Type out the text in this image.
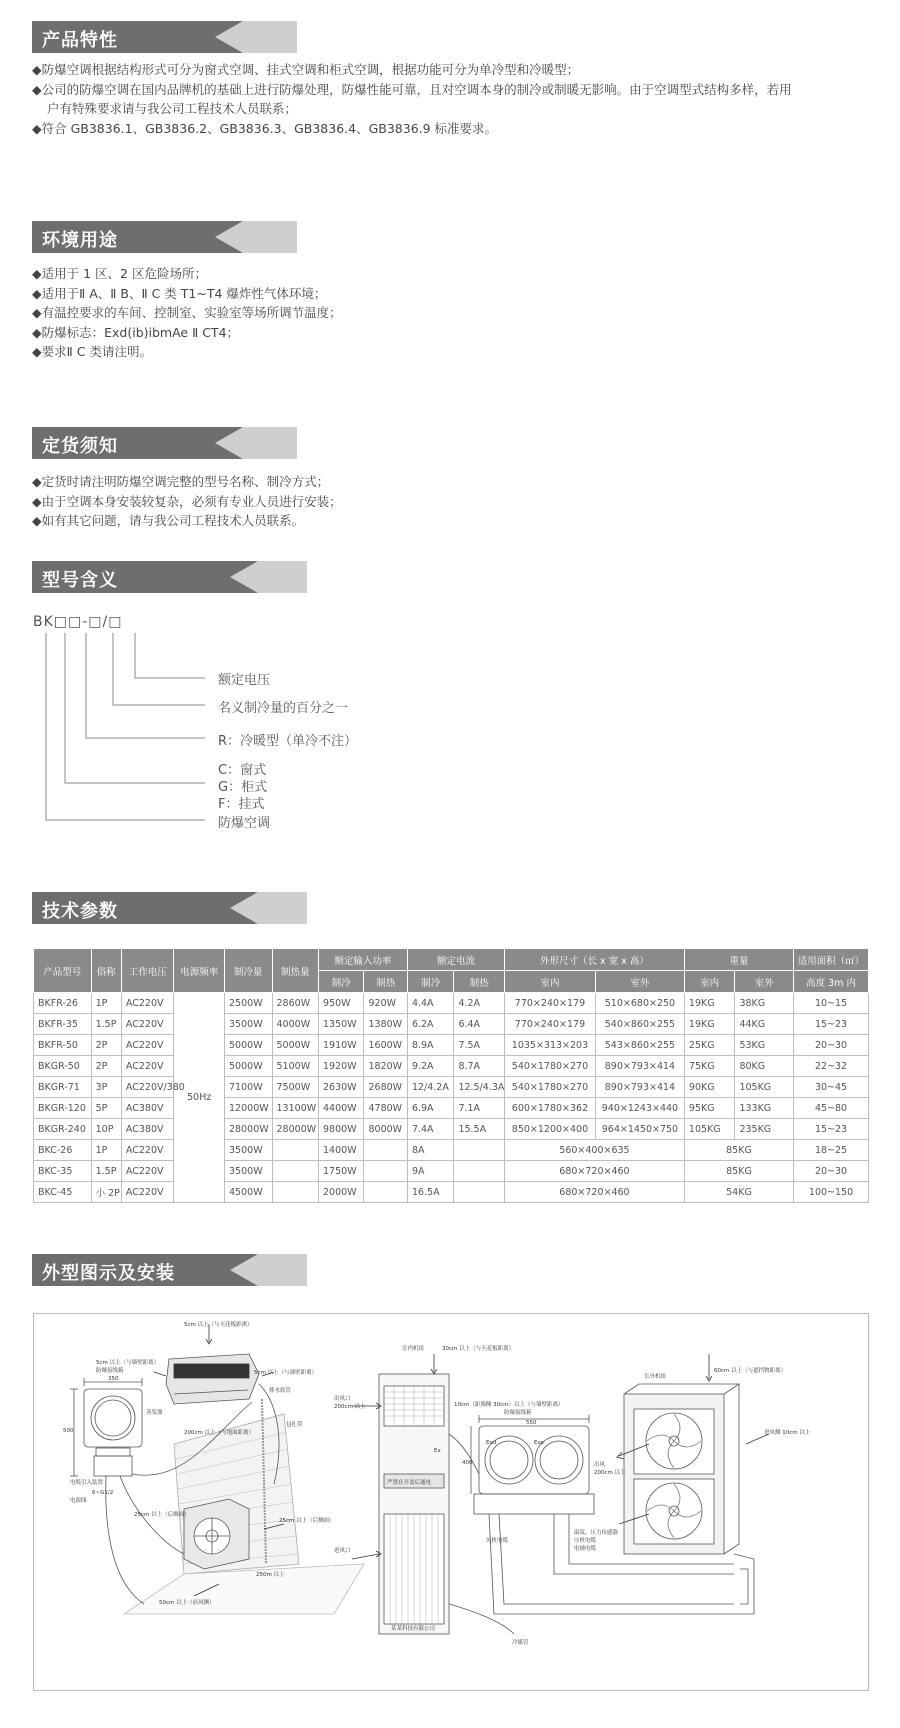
产品特性
◆防爆空调根据结构形式可分为窗式空调、挂式空调和柜式空调，根据功能可分为单冷型和冷暖型；
◆公司的防爆空调在国内品牌机的基础上进行防爆处理，防爆性能可靠，且对空调本身的制冷或制暖无影响。由于空调型式结构多样，若用
户有特殊要求请与我公司工程技术人员联系；
◆符合 GB3836.1、GB3836.2、GB3836.3、GB3836.4、GB3836.9 标准要求。
环境用途
◆适用于 1 区、2 区危险场所；
◆适用于Ⅱ A、Ⅱ B、Ⅱ C 类 T1~T4 爆炸性气体环境；
◆有温控要求的车间、控制室、实验室等场所调节温度；
◆防爆标志：Exd(ib)ibmAe Ⅱ CT4；
◆要求Ⅱ C 类请注明。
定货须知
◆定货时请注明防爆空调完整的型号名称、制冷方式；
◆由于空调本身安装较复杂，必须有专业人员进行安装；
◆如有其它问题，请与我公司工程技术人员联系。
型号含义
BK□□-□/□
额定电压
名义制冷量的百分之一
R：冷暖型（单冷不注）
C：窗式
G：柜式
F：挂式
防爆空调
技术参数
产品型号	俗称	工作电压	电源频率	制冷量	制热量	额定输入功率		额定电流		外形尺寸（长 x 宽 x 高）		重量		适用面积（㎡）
						制冷	制热	制冷	制热	室内	室外	室内	室外	高度 3m 内
BKFR-26	1P	AC220V	50Hz	2500W	2860W	950W	920W	4.4A	4.2A	770×240×179	510×680×250	19KG	38KG	10~15
BKFR-35	1.5P	AC220V		3500W	4000W	1350W	1380W	6.2A	6.4A	770×240×179	540×860×255	19KG	44KG	15~23
BKFR-50	2P	AC220V		5000W	5000W	1910W	1600W	8.9A	7.5A	1035×313×203	543×860×255	25KG	53KG	20~30
BKGR-50	2P	AC220V		5000W	5100W	1920W	1820W	9.2A	8.7A	540×1780×270	890×793×414	75KG	80KG	22~32
BKGR-71	3P	AC220V/380		7100W	7500W	2630W	2680W	12/4.2A	12.5/4.3A	540×1780×270	890×793×414	90KG	105KG	30~45
BKGR-120	5P	AC380V		12000W	13100W	4400W	4780W	6.9A	7.1A	600×1780×362	940×1243×440	95KG	133KG	45~80
BKGR-240	10P	AC380V		28000W	28000W	9800W	8000W	7.4A	15.5A	850×1200×400	964×1450×750	105KG	235KG	15~23
BKC-26	1P	AC220V		3500W		1400W		8A		560×400×635		85KG		18~25
BKC-35	1.5P	AC220V		3500W		1750W		9A		680×720×460		85KG		20~30
BKC-45	小 2P	AC220V		4500W		2000W		16.5A		680×720×460		54KG		100~150
外型图示及安装
5cm 以上（与天花板距离）
5cm 以上（与墙壁距离）
5cm 以上（与墙壁距离）
防爆接线箱
350
500
蒸发器
排水软管
包扎带
200cm 以上（与地面距离）
电缆引入装置
6~G1/2
电源线
25cm 以上（后侧面）
25cm 以上（后侧面）
250m 以上
50cm 以上（前风侧）
室内机组	30cm 以上（与天花板距离）
出风口
200cm 以上	10cm（距墙侧 30cm）以上（与墙壁距离）
防爆接线箱
550
400
Exd	Exe
Ex
严禁在开盖后通电
进风口
某某科技有限公司
风机电缆
温度、压力传感器
压机电缆
电辅电缆
冷媒管
室外机组
60cm 以上（与遮挡物距离）
进风侧 10cm 以上
出风
200cm 以上
